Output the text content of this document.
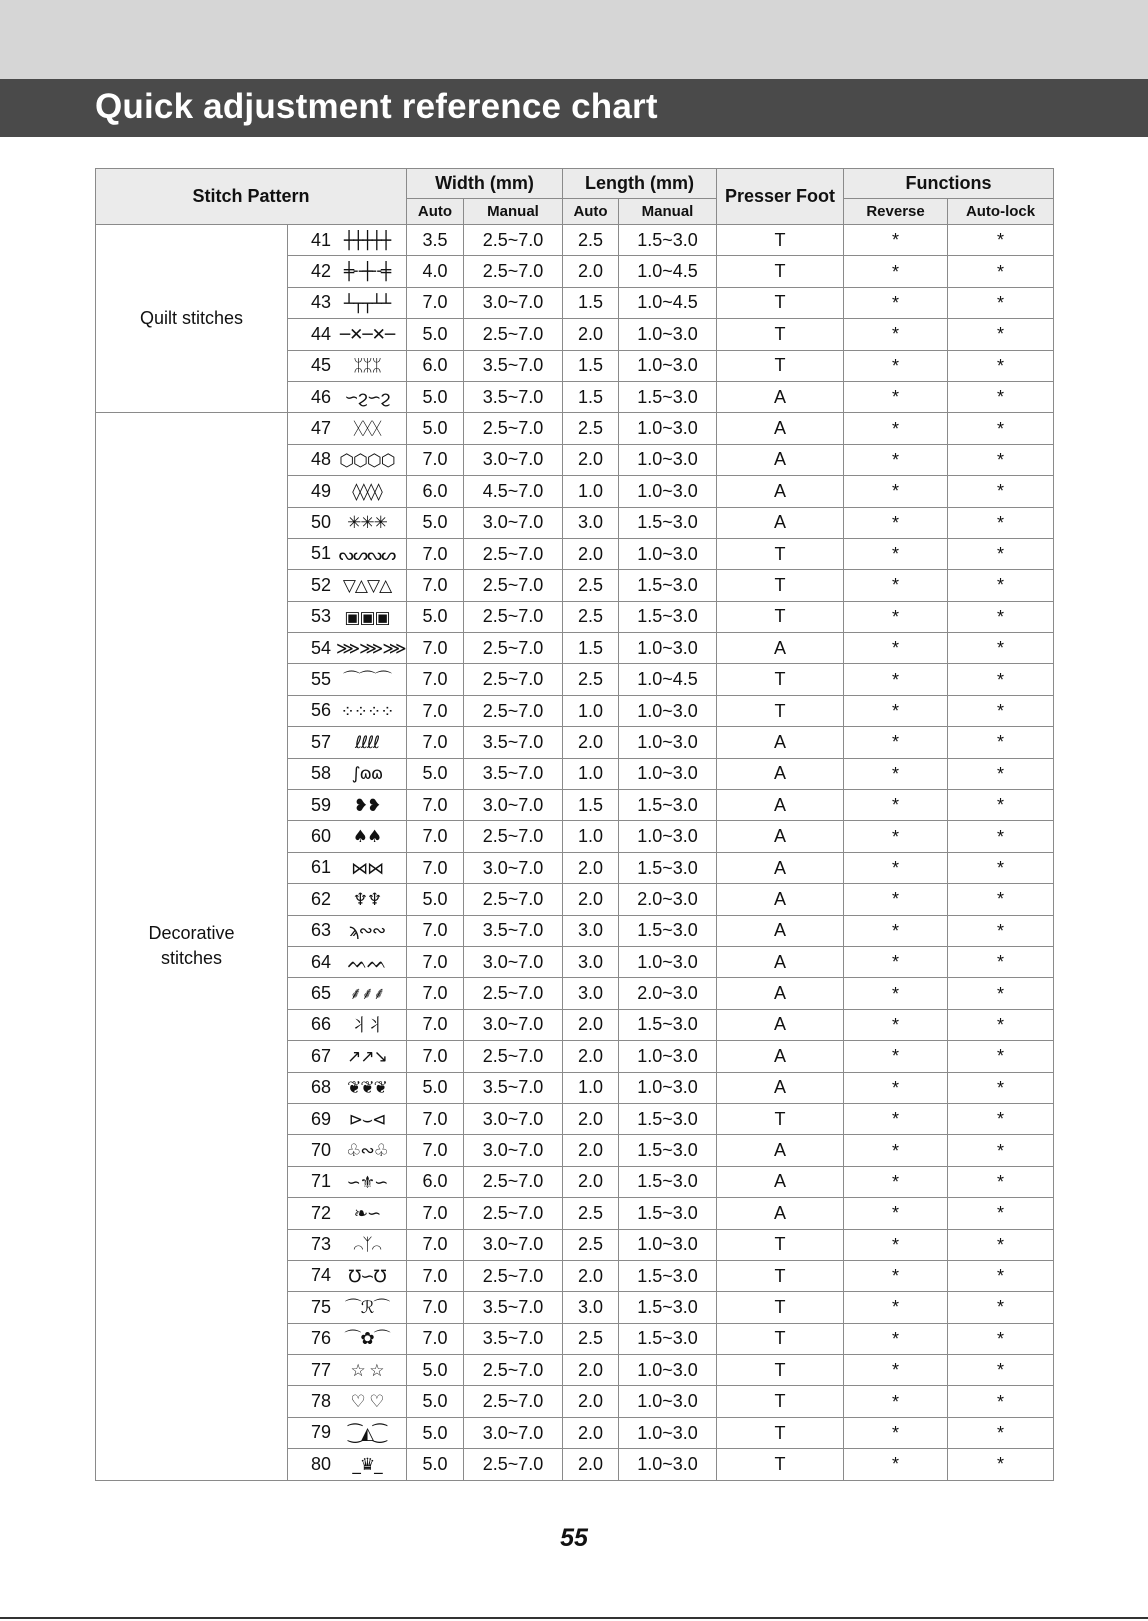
Quick adjustment reference chart
Stitch Pattern		Width (mm)		Length (mm)		Presser Foot	Functions	
		Auto	Manual	Auto	Manual		Reverse	Auto-lock
Quilt stitches	41 ┼┼┼┼┼	3.5	2.5~7.0	2.5	1.5~3.0	T	*	*
	42 ╪╌┼╌╪	4.0	2.5~7.0	2.0	1.0~4.5	T	*	*
	43 ┴┬┬┴┴	7.0	3.0~7.0	1.5	1.0~4.5	T	*	*
	44 ─✕─✕─	5.0	2.5~7.0	2.0	1.0~3.0	T	*	*
	45 ᛯᛯᛯ	6.0	3.5~7.0	1.5	1.0~3.0	T	*	*
	46 ∽ϩ∽ϩ	5.0	3.5~7.0	1.5	1.5~3.0	A	*	*

Decorative
stitches	47 ᚷᚷᚷ	5.0	2.5~7.0	2.5	1.0~3.0	A	*	*
	48 ⬡⬡⬡⬡	7.0	3.0~7.0	2.0	1.0~3.0	A	*	*
	49 ◊◊◊◊	6.0	4.5~7.0	1.0	1.0~3.0	A	*	*
	50 ✳✳✳	5.0	3.0~7.0	3.0	1.5~3.0	A	*	*
	51 ᔓᔕᔓᔕ	7.0	2.5~7.0	2.0	1.0~3.0	T	*	*
	52 ▽△▽△	7.0	2.5~7.0	2.5	1.5~3.0	T	*	*
	53 ▣▣▣	5.0	2.5~7.0	2.5	1.5~3.0	T	*	*
	54 ⋙⋙⋙	7.0	2.5~7.0	1.5	1.0~3.0	A	*	*
	55 ⌒⌒⌒	7.0	2.5~7.0	2.5	1.0~4.5	T	*	*
	56 ⁘⁘⁘⁘	7.0	2.5~7.0	1.0	1.0~3.0	T	*	*
	57 ℓℓℓℓ	7.0	3.5~7.0	2.0	1.0~3.0	A	*	*
	58 ∫ɷɷ	5.0	3.5~7.0	1.0	1.0~3.0	A	*	*
	59 ❥❥	7.0	3.0~7.0	1.5	1.5~3.0	A	*	*
	60 ♠♠	7.0	2.5~7.0	1.0	1.0~3.0	A	*	*
	61 ⋈⋈	7.0	3.0~7.0	2.0	1.5~3.0	A	*	*
	62 ♆♆	5.0	2.5~7.0	2.0	2.0~3.0	A	*	*
	63 ϡ∾∾	7.0	3.5~7.0	3.0	1.5~3.0	A	*	*
	64 ᨓᨓ	7.0	3.0~7.0	3.0	1.0~3.0	A	*	*
	65 ⸙⸙⸙	7.0	2.5~7.0	3.0	2.0~3.0	A	*	*
	66 ⺦⺦	7.0	3.0~7.0	2.0	1.5~3.0	A	*	*
	67 ↗↗↘	7.0	2.5~7.0	2.0	1.0~3.0	A	*	*
	68 ❦❦❦	5.0	3.5~7.0	1.0	1.0~3.0	A	*	*
	69 ⊳⌣⊲	7.0	3.0~7.0	2.0	1.5~3.0	T	*	*
	70 ♧∾♧	7.0	3.0~7.0	2.0	1.5~3.0	A	*	*
	71 ∽⚜∽	6.0	2.5~7.0	2.0	1.5~3.0	A	*	*
	72 ❧∽	7.0	2.5~7.0	2.5	1.5~3.0	A	*	*
	73 ⌒ᛉ⌒	7.0	3.0~7.0	2.5	1.0~3.0	T	*	*
	74 ℧∽℧	7.0	2.5~7.0	2.0	1.5~3.0	T	*	*
	75 ⌒ℛ⌒	7.0	3.5~7.0	3.0	1.5~3.0	T	*	*
	76 ⌒✿⌒	7.0	3.5~7.0	2.5	1.5~3.0	T	*	*
	77 ☆ ☆	5.0	2.5~7.0	2.0	1.0~3.0	T	*	*
	78 ♡ ♡	5.0	2.5~7.0	2.0	1.0~3.0	T	*	*
	79 ⁐◭⁐	5.0	3.0~7.0	2.0	1.0~3.0	T	*	*
	80 _♛_	5.0	2.5~7.0	2.0	1.0~3.0	T	*	*
55
